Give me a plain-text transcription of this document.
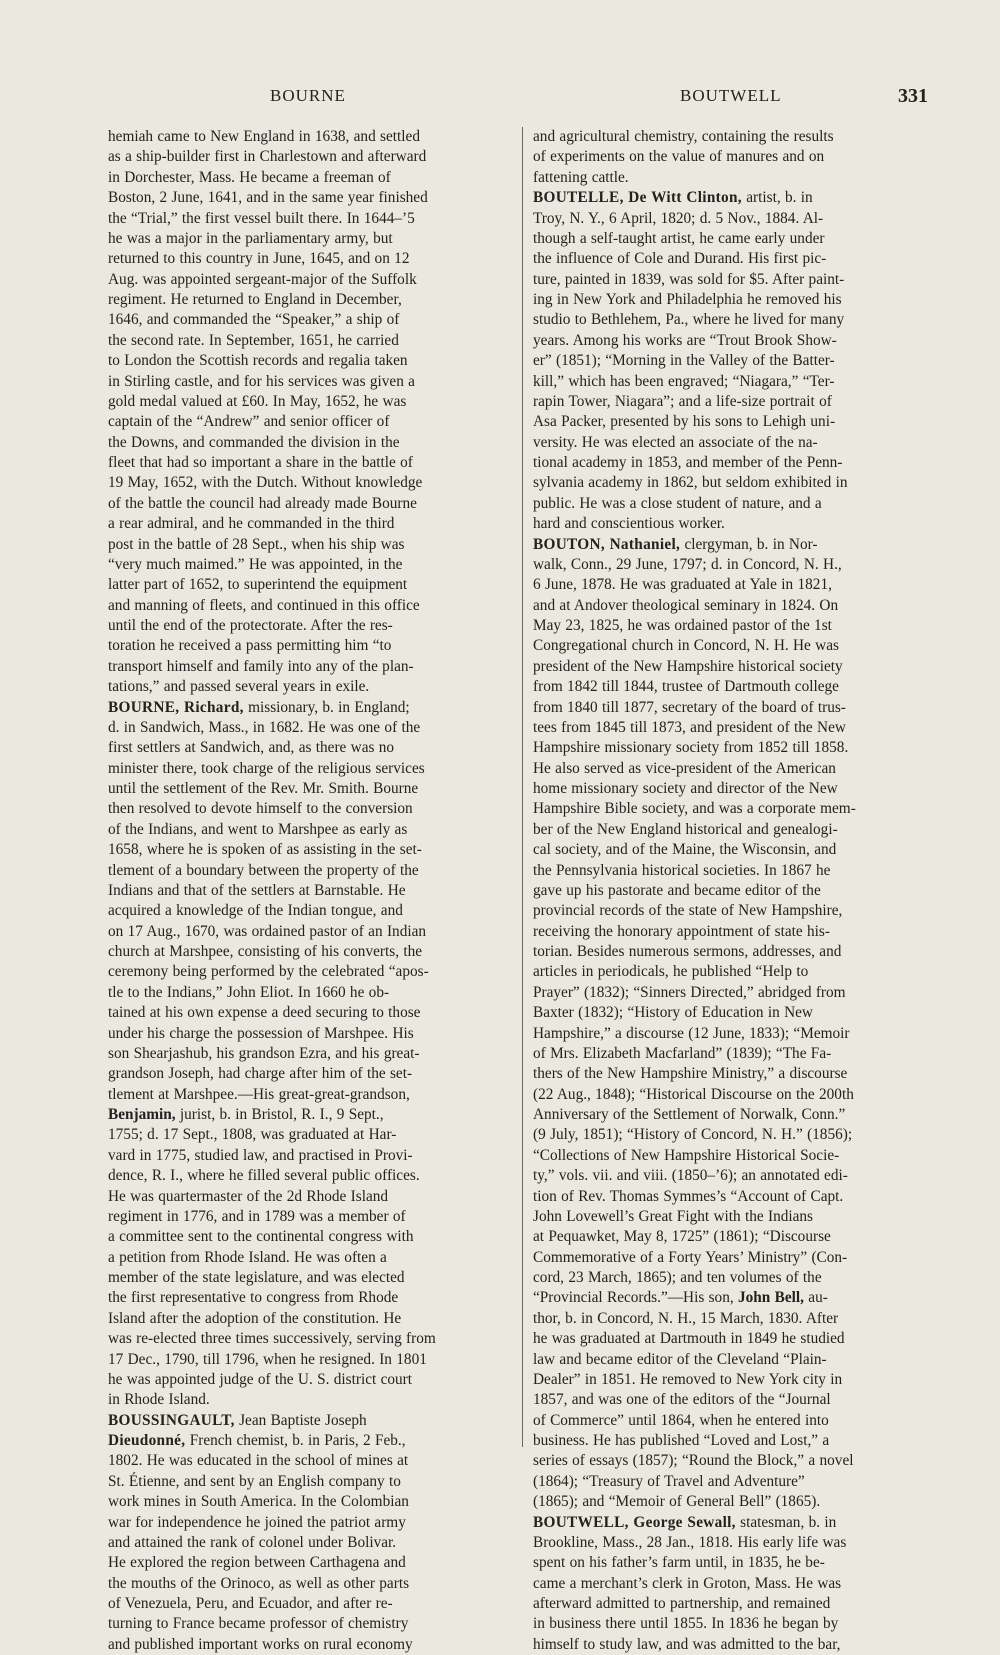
BOURNE	BOUTWELL	331
hemiah came to New England in 1638, and settled
as a ship-builder first in Charlestown and afterward
in Dorchester, Mass. He became a freeman of
Boston, 2 June, 1641, and in the same year finished
the “Trial,” the first vessel built there. In 1644–’5
he was a major in the parliamentary army, but
returned to this country in June, 1645, and on 12
Aug. was appointed sergeant-major of the Suffolk
regiment. He returned to England in December,
1646, and commanded the “Speaker,” a ship of
the second rate. In September, 1651, he carried
to London the Scottish records and regalia taken
in Stirling castle, and for his services was given a
gold medal valued at £60. In May, 1652, he was
captain of the “Andrew” and senior officer of
the Downs, and commanded the division in the
fleet that had so important a share in the battle of
19 May, 1652, with the Dutch. Without knowledge
of the battle the council had already made Bourne
a rear admiral, and he commanded in the third
post in the battle of 28 Sept., when his ship was
“very much maimed.” He was appointed, in the
latter part of 1652, to superintend the equipment
and manning of fleets, and continued in this office
until the end of the protectorate. After the res-
toration he received a pass permitting him “to
transport himself and family into any of the plan-
tations,” and passed several years in exile.
BOURNE, Richard, missionary, b. in England;
d. in Sandwich, Mass., in 1682. He was one of the
first settlers at Sandwich, and, as there was no
minister there, took charge of the religious services
until the settlement of the Rev. Mr. Smith. Bourne
then resolved to devote himself to the conversion
of the Indians, and went to Marshpee as early as
1658, where he is spoken of as assisting in the set-
tlement of a boundary between the property of the
Indians and that of the settlers at Barnstable. He
acquired a knowledge of the Indian tongue, and
on 17 Aug., 1670, was ordained pastor of an Indian
church at Marshpee, consisting of his converts, the
ceremony being performed by the celebrated “apos-
tle to the Indians,” John Eliot. In 1660 he ob-
tained at his own expense a deed securing to those
under his charge the possession of Marshpee. His
son Shearjashub, his grandson Ezra, and his great-
grandson Joseph, had charge after him of the set-
tlement at Marshpee.—His great-great-grandson,
Benjamin, jurist, b. in Bristol, R. I., 9 Sept.,
1755; d. 17 Sept., 1808, was graduated at Har-
vard in 1775, studied law, and practised in Provi-
dence, R. I., where he filled several public offices.
He was quartermaster of the 2d Rhode Island
regiment in 1776, and in 1789 was a member of
a committee sent to the continental congress with
a petition from Rhode Island. He was often a
member of the state legislature, and was elected
the first representative to congress from Rhode
Island after the adoption of the constitution. He
was re-elected three times successively, serving from
17 Dec., 1790, till 1796, when he resigned. In 1801
he was appointed judge of the U. S. district court
in Rhode Island.
BOUSSINGAULT, Jean Baptiste Joseph
Dieudonné, French chemist, b. in Paris, 2 Feb.,
1802. He was educated in the school of mines at
St. Étienne, and sent by an English company to
work mines in South America. In the Colombian
war for independence he joined the patriot army
and attained the rank of colonel under Bolivar.
He explored the region between Carthagena and
the mouths of the Orinoco, as well as other parts
of Venezuela, Peru, and Ecuador, and after re-
turning to France became professor of chemistry
and published important works on rural economy
and agricultural chemistry, containing the results
of experiments on the value of manures and on
fattening cattle.
BOUTELLE, De Witt Clinton, artist, b. in
Troy, N. Y., 6 April, 1820; d. 5 Nov., 1884. Al-
though a self-taught artist, he came early under
the influence of Cole and Durand. His first pic-
ture, painted in 1839, was sold for $5. After paint-
ing in New York and Philadelphia he removed his
studio to Bethlehem, Pa., where he lived for many
years. Among his works are “Trout Brook Show-
er” (1851); “Morning in the Valley of the Batter-
kill,” which has been engraved; “Niagara,” “Ter-
rapin Tower, Niagara”; and a life-size portrait of
Asa Packer, presented by his sons to Lehigh uni-
versity. He was elected an associate of the na-
tional academy in 1853, and member of the Penn-
sylvania academy in 1862, but seldom exhibited in
public. He was a close student of nature, and a
hard and conscientious worker.
BOUTON, Nathaniel, clergyman, b. in Nor-
walk, Conn., 29 June, 1797; d. in Concord, N. H.,
6 June, 1878. He was graduated at Yale in 1821,
and at Andover theological seminary in 1824. On
May 23, 1825, he was ordained pastor of the 1st
Congregational church in Concord, N. H. He was
president of the New Hampshire historical society
from 1842 till 1844, trustee of Dartmouth college
from 1840 till 1877, secretary of the board of trus-
tees from 1845 till 1873, and president of the New
Hampshire missionary society from 1852 till 1858.
He also served as vice-president of the American
home missionary society and director of the New
Hampshire Bible society, and was a corporate mem-
ber of the New England historical and genealogi-
cal society, and of the Maine, the Wisconsin, and
the Pennsylvania historical societies. In 1867 he
gave up his pastorate and became editor of the
provincial records of the state of New Hampshire,
receiving the honorary appointment of state his-
torian. Besides numerous sermons, addresses, and
articles in periodicals, he published “Help to
Prayer” (1832); “Sinners Directed,” abridged from
Baxter (1832); “History of Education in New
Hampshire,” a discourse (12 June, 1833); “Memoir
of Mrs. Elizabeth Macfarland” (1839); “The Fa-
thers of the New Hampshire Ministry,” a discourse
(22 Aug., 1848); “Historical Discourse on the 200th
Anniversary of the Settlement of Norwalk, Conn.”
(9 July, 1851); “History of Concord, N. H.” (1856);
“Collections of New Hampshire Historical Socie-
ty,” vols. vii. and viii. (1850–’6); an annotated edi-
tion of Rev. Thomas Symmes’s “Account of Capt.
John Lovewell’s Great Fight with the Indians
at Pequawket, May 8, 1725” (1861); “Discourse
Commemorative of a Forty Years’ Ministry” (Con-
cord, 23 March, 1865); and ten volumes of the
“Provincial Records.”—His son, John Bell, au-
thor, b. in Concord, N. H., 15 March, 1830. After
he was graduated at Dartmouth in 1849 he studied
law and became editor of the Cleveland “Plain-
Dealer” in 1851. He removed to New York city in
1857, and was one of the editors of the “Journal
of Commerce” until 1864, when he entered into
business. He has published “Loved and Lost,” a
series of essays (1857); “Round the Block,” a novel
(1864); “Treasury of Travel and Adventure”
(1865); and “Memoir of General Bell” (1865).
BOUTWELL, George Sewall, statesman, b. in
Brookline, Mass., 28 Jan., 1818. His early life was
spent on his father’s farm until, in 1835, he be-
came a merchant’s clerk in Groton, Mass. He was
afterward admitted to partnership, and remained
in business there until 1855. In 1836 he began by
himself to study law, and was admitted to the bar,
